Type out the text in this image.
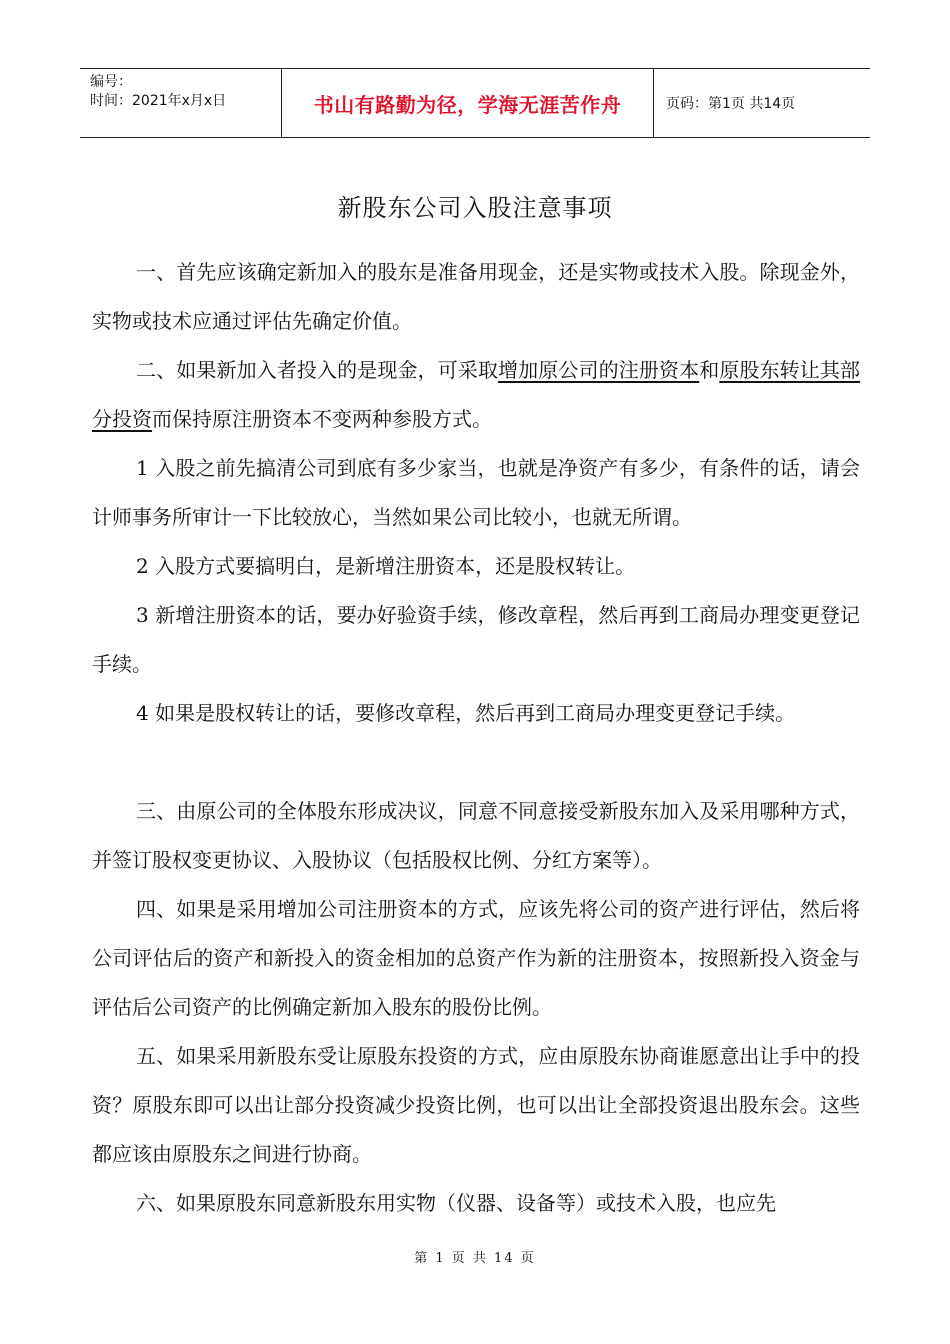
编号：
时间：2021年x月x日	书山有路勤为径，学海无涯苦作舟	页码：第1页 共14页
新股东公司入股注意事项

一、首先应该确定新加入的股东是准备用现金，还是实物或技术入股。除现金外，实物或技术应通过评估先确定价值。

二、如果新加入者投入的是现金，可采取增加原公司的注册资本和原股东转让其部分投资而保持原注册资本不变两种参股方式。

1 入股之前先搞清公司到底有多少家当，也就是净资产有多少，有条件的话，请会计师事务所审计一下比较放心，当然如果公司比较小，也就无所谓。

2 入股方式要搞明白，是新增注册资本，还是股权转让。

3 新增注册资本的话，要办好验资手续，修改章程，然后再到工商局办理变更登记手续。

4 如果是股权转让的话，要修改章程，然后再到工商局办理变更登记手续。

三、由原公司的全体股东形成决议，同意不同意接受新股东加入及采用哪种方式，并签订股权变更协议、入股协议（包括股权比例、分红方案等）。

四、如果是采用增加公司注册资本的方式，应该先将公司的资产进行评估，然后将公司评估后的资产和新投入的资金相加的总资产作为新的注册资本，按照新投入资金与评估后公司资产的比例确定新加入股东的股份比例。

五、如果采用新股东受让原股东投资的方式，应由原股东协商谁愿意出让手中的投资？原股东即可以出让部分投资减少投资比例，也可以出让全部投资退出股东会。这些都应该由原股东之间进行协商。

六、如果原股东同意新股东用实物（仪器、设备等）或技术入股，也应先

第 1 页 共 14 页
